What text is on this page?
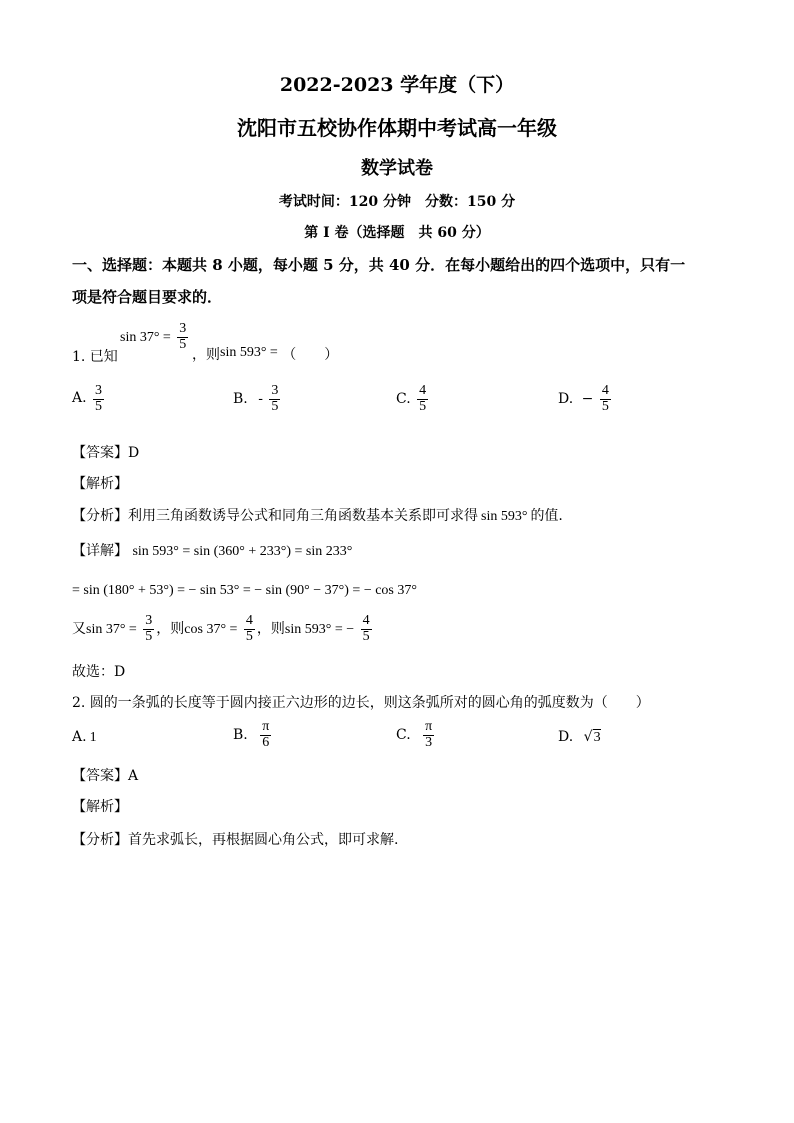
2022-2023 学年度（下）
沈阳市五校协作体期中考试高一年级
数学试卷
考试时间：120 分钟　分数：150 分
第 I 卷（选择题　共 60 分）
一、选择题：本题共 8 小题，每小题 5 分，共 40 分．在每小题给出的四个选项中，只有一
项是符合题目要求的．
$\sin 37^\circ = \frac{3}{5}$
1. 已知	，则sin 593° = （　　）
A. $\frac{3}{5}$	B. - $\frac{3}{5}$	C. $\frac{4}{5}$	D. − $\frac{4}{5}$
【答案】D
【解析】
【分析】利用三角函数诱导公式和同角三角函数基本关系即可求得 sin 593° 的值.
【详解】 sin 593° = sin (360° + 233°) = sin 233°
= sin (180° + 53°) = − sin 53° = − sin (90° − 37°) = − cos 37°
又$\sin 37^\circ = \frac{3}{5}$ ，则$\cos 37^\circ = \frac{4}{5}$ ，则sin 593° = − $\frac{4}{5}$
故选：D
2. 圆的一条弧的长度等于圆内接正六边形的边长，则这条弧所对的圆心角的弧度数为（　　）
A. 1	B. $\frac{\pi}{6}$	C. $\frac{\pi}{3}$	D. √3
【答案】A
【解析】
【分析】首先求弧长，再根据圆心角公式，即可求解.
